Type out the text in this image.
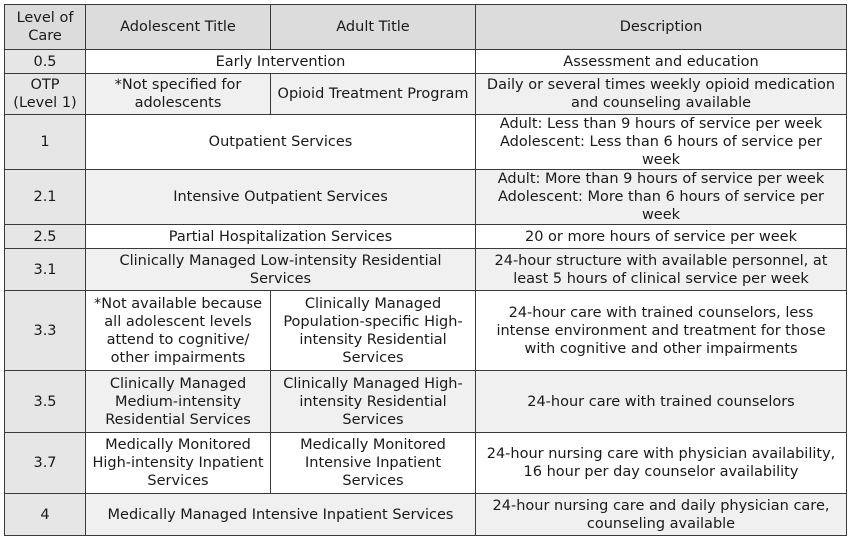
Level of Care	Adolescent Title	Adult Title	Description
0.5	Early Intervention		Assessment and education
OTP (Level 1)	*Not specified for adolescents	Opioid Treatment Program	Daily or several times weekly opioid medication and counseling available
1	Outpatient Services		Adult: Less than 9 hours of service per week
Adolescent: Less than 6 hours of service per week

2.1	Intensive Outpatient Services		Adult: More than 9 hours of service per week
Adolescent: More than 6 hours of service per week

2.5	Partial Hospitalization Services		20 or more hours of service per week
3.1	Clinically Managed Low-intensity Residential Services		24-hour structure with available personnel, at least 5 hours of clinical service per week
3.3	*Not available because all adolescent levels attend to cognitive/ other impairments	Clinically Managed Population-specific High-intensity Residential Services	24-hour care with trained counselors, less intense environment and treatment for those with cognitive and other impairments
3.5	Clinically Managed Medium-intensity Residential Services	Clinically Managed High-intensity Residential Services	24-hour care with trained counselors
3.7	Medically Monitored High-intensity Inpatient Services	Medically Monitored Intensive Inpatient Services	24-hour nursing care with physician availability, 16 hour per day counselor availability
4	Medically Managed Intensive Inpatient Services		24-hour nursing care and daily physician care, counseling available
